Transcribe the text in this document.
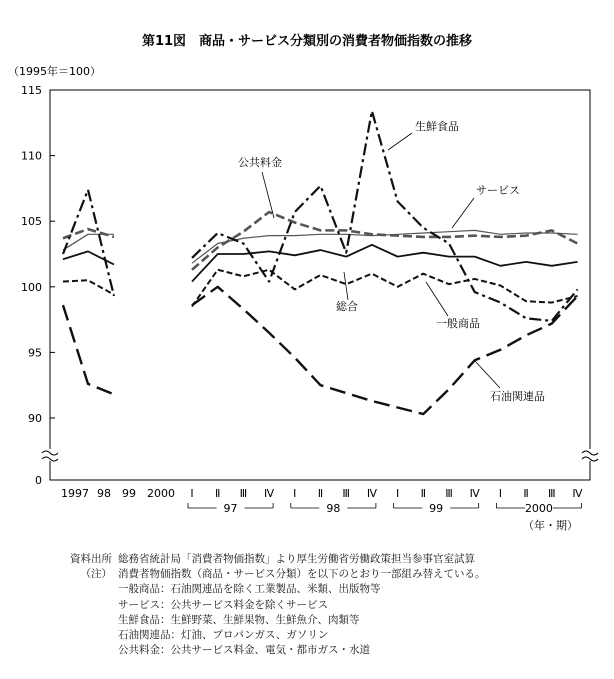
第11図　商品・サービス分類別の消費者物価指数の推移
（1995年＝100）
115
110
105
100
95
90
0
生鮮食品
公共料金
サービス
総合
一般商品
石油関連品
1997 98 99 2000 Ⅰ Ⅱ Ⅲ Ⅳ Ⅰ Ⅱ Ⅲ Ⅳ Ⅰ Ⅱ Ⅲ Ⅳ Ⅰ Ⅱ Ⅲ Ⅳ
97	98	99	2000
（年・期）
資料出所 総務省統計局「消費者物価指数」より厚生労働省労働政策担当参事官室試算
（注） 消費者物価指数（商品・サービス分類）を以下のとおり一部組み替えている。
一般商品：石油関連品を除く工業製品、米類、出版物等
サービス：公共サービス料金を除くサービス
生鮮食品：生鮮野菜、生鮮果物、生鮮魚介、肉類等
石油関連品：灯油、プロパンガス、ガソリン
公共料金：公共サービス料金、電気・都市ガス・水道
